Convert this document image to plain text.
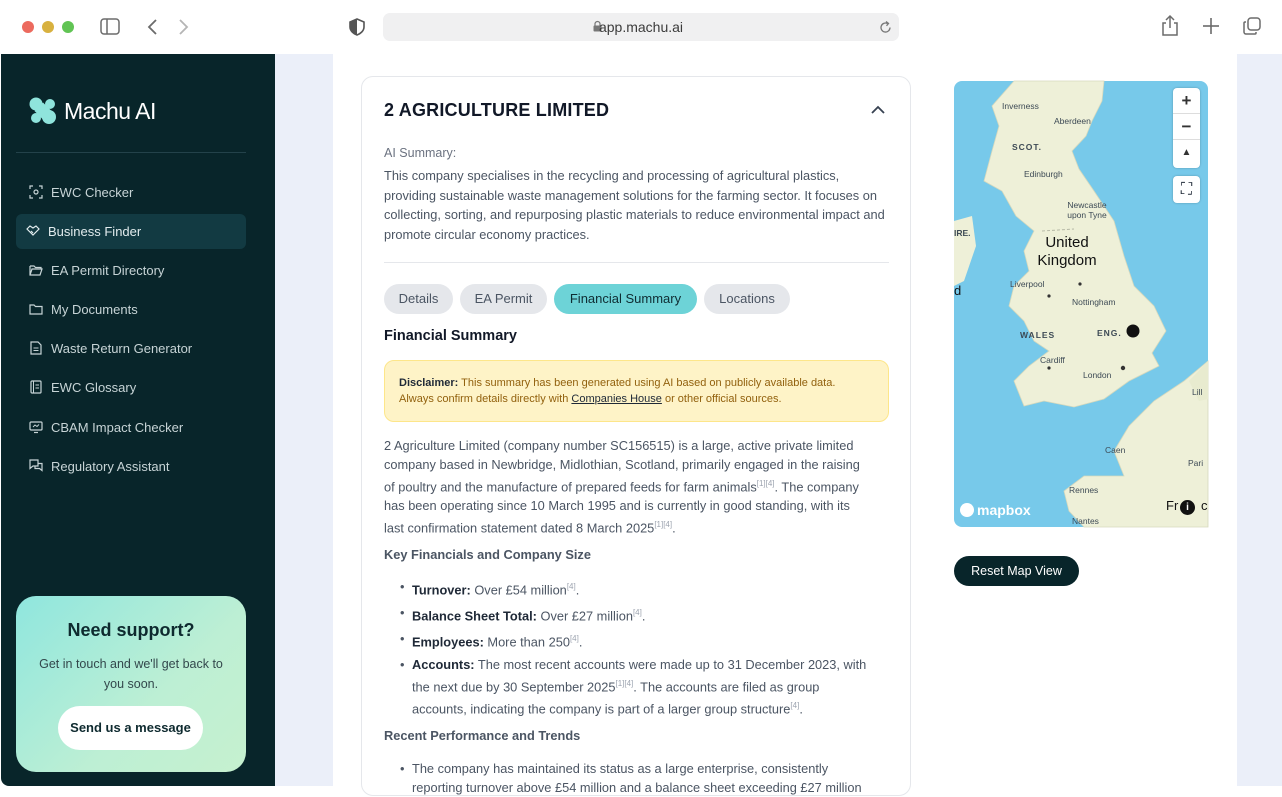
app.machu.ai
Machu AI
EWC Checker
Business Finder
EA Permit Directory
My Documents
Waste Return Generator
EWC Glossary
CBAM Impact Checker
Regulatory Assistant
Need support?
Get in touch and we'll get back to you soon.
Send us a message
2 AGRICULTURE LIMITED
AI Summary:
This company specialises in the recycling and processing of agricultural plastics, providing sustainable waste management solutions for the farming sector. It focuses on collecting, sorting, and repurposing plastic materials to reduce environmental impact and promote circular economy practices.
Details	EA Permit	Financial Summary	Locations
Financial Summary
Disclaimer: This summary has been generated using AI based on publicly available data.
Always confirm details directly with Companies House or other official sources.
2 Agriculture Limited (company number SC156515) is a large, active private limited
company based in Newbridge, Midlothian, Scotland, primarily engaged in the raising
of poultry and the manufacture of prepared feeds for farm animals[1][4]. The company
has been operating since 10 March 1995 and is currently in good standing, with its
last confirmation statement dated 8 March 2025[1][4].
Key Financials and Company Size
• Turnover: Over £54 million[4].
• Balance Sheet Total: Over £27 million[4].
• Employees: More than 250[4].
• Accounts: The most recent accounts were made up to 31 December 2023, with
the next due by 30 September 2025[1][4]. The accounts are filed as group
accounts, indicating the company is part of a larger group structure[4].
Recent Performance and Trends
• The company has maintained its status as a large enterprise, consistently
reporting turnover above £54 million and a balance sheet exceeding £27 million
Inverness
Aberdeen
SCOT.
Edinburgh
Newcastle upon Tyne
United Kingdom
Liverpool
Nottingham
WALES	ENG.
Cardiff
London
Caen
Pari
Rennes
Nantes
Fr c
Lill
IRE.
d
+
−
▲
⛶
mapbox	i
Reset Map View
